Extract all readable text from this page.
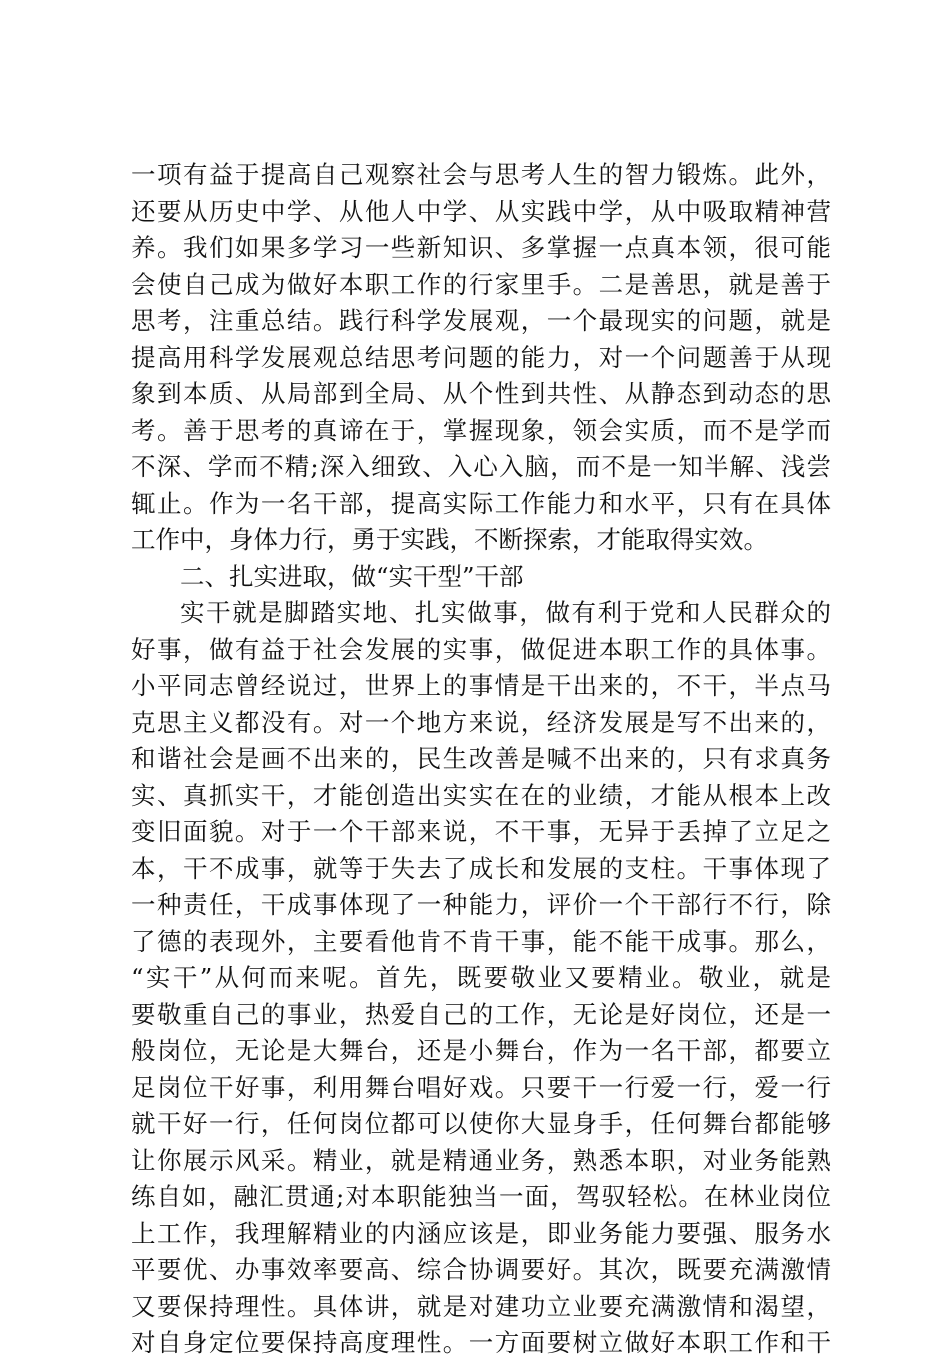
一项有益于提高自己观察社会与思考人生的智力锻炼。此外，
还要从历史中学、从他人中学、从实践中学，从中吸取精神营
养。我们如果多学习一些新知识、多掌握一点真本领，很可能
会使自己成为做好本职工作的行家里手。二是善思，就是善于
思考，注重总结。践行科学发展观，一个最现实的问题，就是
提高用科学发展观总结思考问题的能力，对一个问题善于从现
象到本质、从局部到全局、从个性到共性、从静态到动态的思
考。善于思考的真谛在于，掌握现象，领会实质，而不是学而
不深、学而不精;深入细致、入心入脑，而不是一知半解、浅尝
辄止。作为一名干部，提高实际工作能力和水平，只有在具体
工作中，身体力行，勇于实践，不断探索，才能取得实效。
二、扎实进取，做“实干型”干部
实干就是脚踏实地、扎实做事，做有利于党和人民群众的
好事，做有益于社会发展的实事，做促进本职工作的具体事。
小平同志曾经说过，世界上的事情是干出来的，不干，半点马
克思主义都没有。对一个地方来说，经济发展是写不出来的，
和谐社会是画不出来的，民生改善是喊不出来的，只有求真务
实、真抓实干，才能创造出实实在在的业绩，才能从根本上改
变旧面貌。对于一个干部来说，不干事，无异于丢掉了立足之
本，干不成事，就等于失去了成长和发展的支柱。干事体现了
一种责任，干成事体现了一种能力，评价一个干部行不行，除
了德的表现外，主要看他肯不肯干事，能不能干成事。那么，
“实干”从何而来呢。首先，既要敬业又要精业。敬业，就是
要敬重自己的事业，热爱自己的工作，无论是好岗位，还是一
般岗位，无论是大舞台，还是小舞台，作为一名干部，都要立
足岗位干好事，利用舞台唱好戏。只要干一行爱一行，爱一行
就干好一行，任何岗位都可以使你大显身手，任何舞台都能够
让你展示风采。精业，就是精通业务，熟悉本职，对业务能熟
练自如，融汇贯通;对本职能独当一面，驾驭轻松。在林业岗位
上工作，我理解精业的内涵应该是，即业务能力要强、服务水
平要优、办事效率要高、综合协调要好。其次，既要充满激情
又要保持理性。具体讲，就是对建功立业要充满激情和渴望，
对自身定位要保持高度理性。一方面要树立做好本职工作和干
